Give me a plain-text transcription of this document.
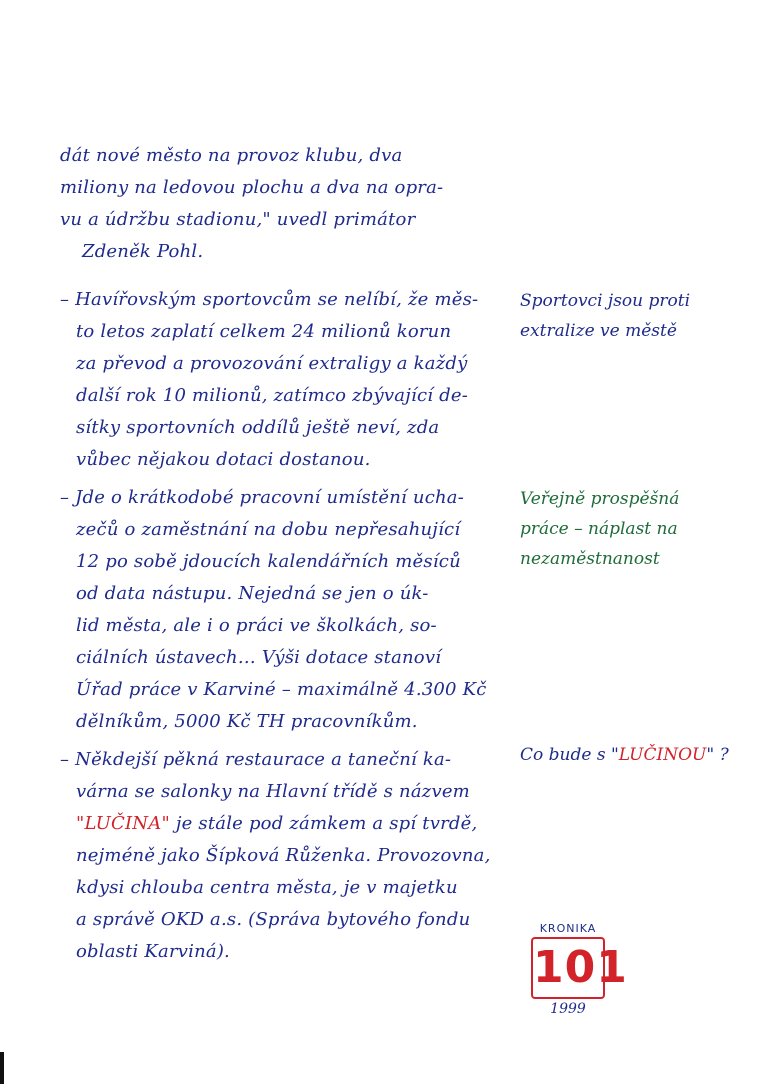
dát nové město na provoz klubu, dva
miliony na ledovou plochu a dva na opra-
vu a údržbu stadionu," uvedl primátor
Zdeněk Pohl.
– Havířovským sportovcům se nelíbí, že měs-
to letos zaplatí celkem 24 milionů korun
za převod a provozování extraligy a každý
další rok 10 milionů, zatímco zbývající de-
sítky sportovních oddílů ještě neví, zda
vůbec nějakou dotaci dostanou.
– Jde o krátkodobé pracovní umístění ucha-
zečů o zaměstnání na dobu nepřesahující
12 po sobě jdoucích kalendářních měsíců
od data nástupu. Nejedná se jen o úk-
lid města, ale i o práci ve školkách, so-
ciálních ústavech… Výši dotace stanoví
Úřad práce v Karviné – maximálně 4.300 Kč
dělníkům, 5000 Kč TH pracovníkům.
– Někdejší pěkná restaurace a taneční ka-
várna se salonky na Hlavní třídě s názvem
"LUČINA" je stále pod zámkem a spí tvrdě,
nejméně jako Šípková Růženka. Provozovna,
kdysi chlouba centra města, je v majetku
a správě OKD a.s. (Správa bytového fondu
oblasti Karviná).
Sportovci jsou proti
extralize ve městě
Veřejně prospěšná
práce – náplast na
nezaměstnanost
Co bude s "LUČINOU" ?
KRONIKA
101
1999
